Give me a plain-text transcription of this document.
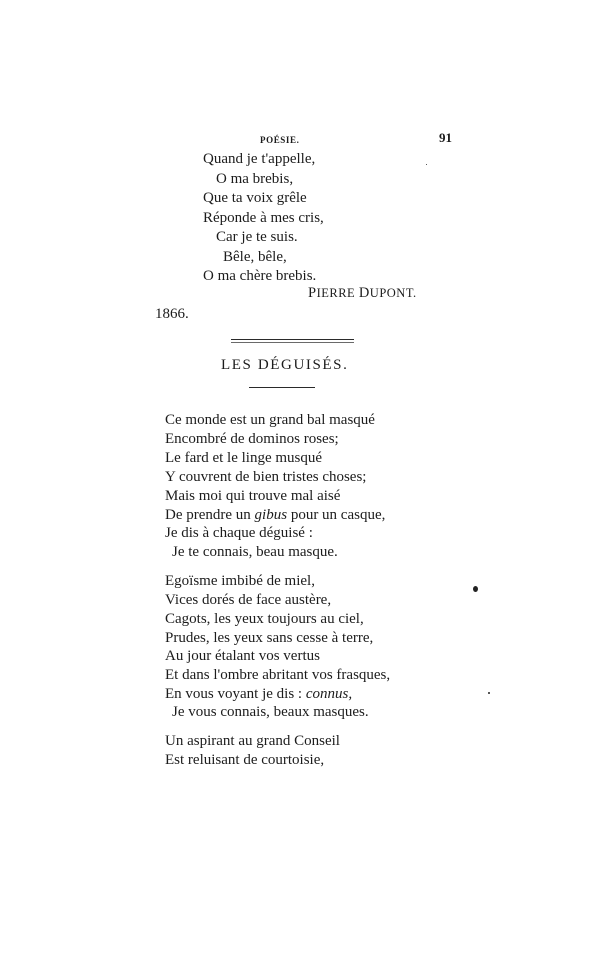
POÉSIE.	91
Quand je t'appelle,
O ma brebis,
Que ta voix grêle
Réponde à mes cris,
Car je te suis.
Bêle, bêle,
O ma chère brebis.
PIERRE DUPONT.
1866.
LES DÉGUISÉS.
Ce monde est un grand bal masqué
Encombré de dominos roses;
Le fard et le linge musqué
Y couvrent de bien tristes choses;
Mais moi qui trouve mal aisé
De prendre un gibus pour un casque,
Je dis à chaque déguisé :
Je te connais, beau masque.
Egoïsme imbibé de miel,
Vices dorés de face austère,
Cagots, les yeux toujours au ciel,
Prudes, les yeux sans cesse à terre,
Au jour étalant vos vertus
Et dans l'ombre abritant vos frasques,
En vous voyant je dis : connus,
Je vous connais, beaux masques.
Un aspirant au grand Conseil
Est reluisant de courtoisie,
